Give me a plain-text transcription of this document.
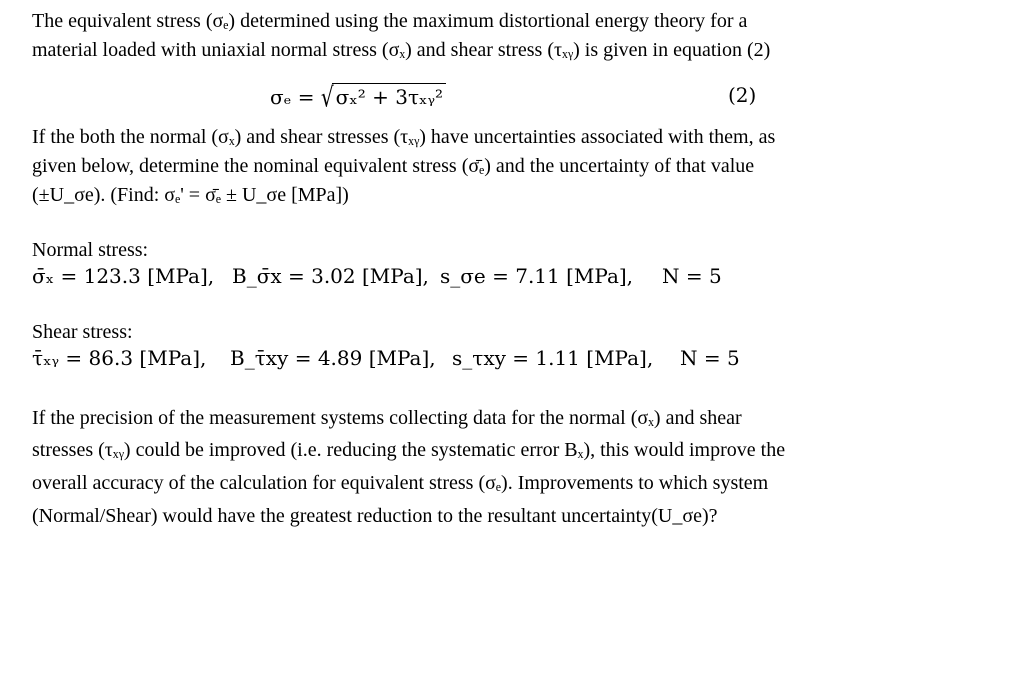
The equivalent stress (σₑ) determined using the maximum distortional energy theory for a
material loaded with uniaxial normal stress (σₓ) and shear stress (τₓᵧ) is given in equation (2)
σₑ = √ σₓ² + 3τₓᵧ²	(2)
If the both the normal (σₓ) and shear stresses (τₓᵧ) have uncertainties associated with them, as
given below, determine the nominal equivalent stress (σ̄ₑ) and the uncertainty of that value
(±U_σe). (Find: σₑ' = σ̄ₑ ± U_σe [MPa])
Normal stress:
σ̄ₓ = 123.3 [MPa], B_σ̄x = 3.02 [MPa], s_σe = 7.11 [MPa], N = 5
Shear stress:
τ̄ₓᵧ = 86.3 [MPa], B_τ̄xy = 4.89 [MPa], s_τxy = 1.11 [MPa], N = 5
If the precision of the measurement systems collecting data for the normal (σₓ) and shear
stresses (τₓᵧ) could be improved (i.e. reducing the systematic error Bₓ), this would improve the
overall accuracy of the calculation for equivalent stress (σₑ). Improvements to which system
(Normal/Shear) would have the greatest reduction to the resultant uncertainty(U_σe)?
